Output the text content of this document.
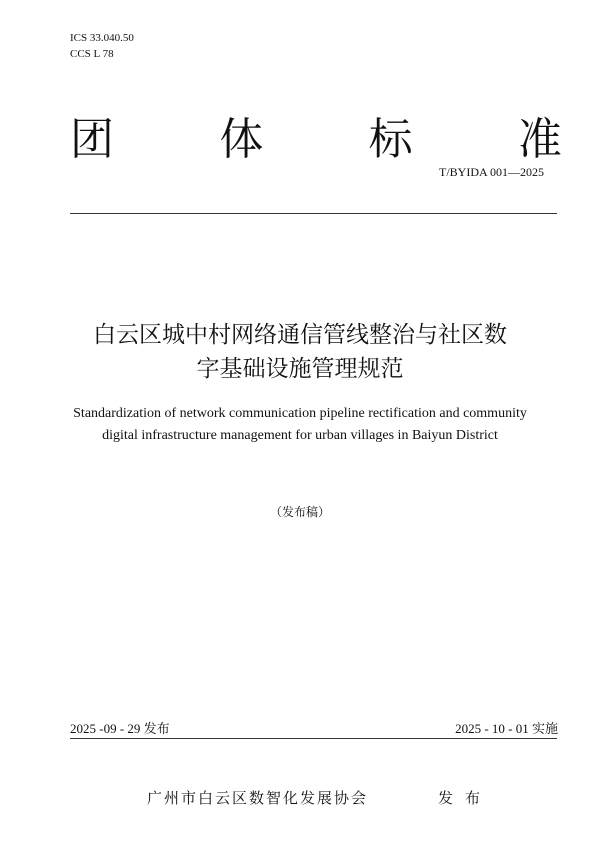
ICS 33.040.50
CCS L 78
团 体 标 准
T/BYIDA 001—2025
白云区城中村网络通信管线整治与社区数
字基础设施管理规范
Standardization of network communication pipeline rectification and community
digital infrastructure management for urban villages in Baiyun District
（发布稿）
2025 -09 - 29 发布	2025 - 10 - 01 实施
广州市白云区数智化发展协会	发布
